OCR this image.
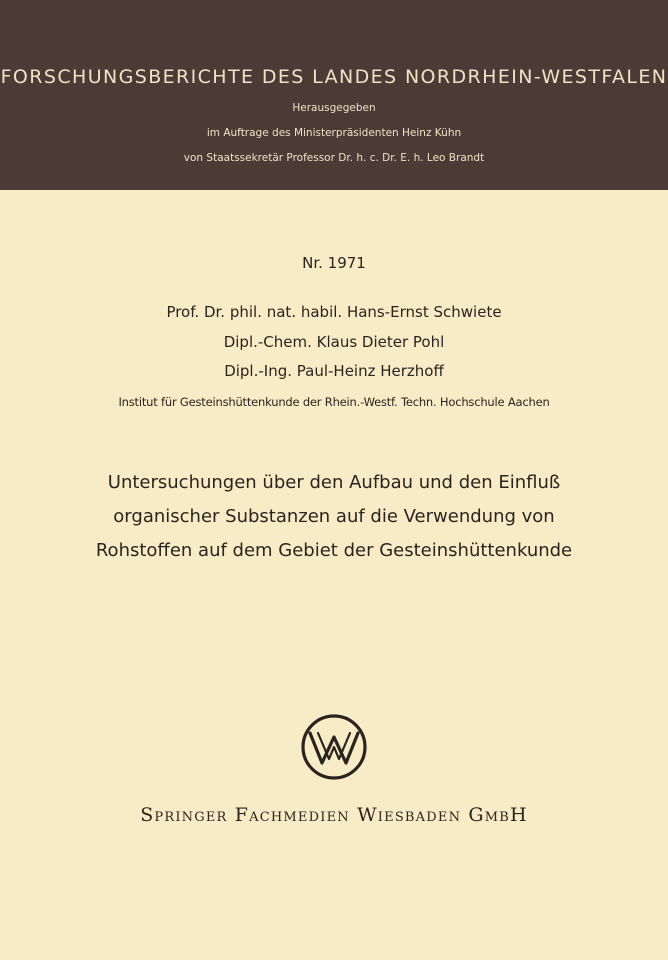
FORSCHUNGSBERICHTE DES LANDES NORDRHEIN-WESTFALEN
Herausgegeben
im Auftrage des Ministerpräsidenten Heinz Kühn
von Staatssekretär Professor Dr. h. c. Dr. E. h. Leo Brandt
Nr. 1971
Prof. Dr. phil. nat. habil. Hans-Ernst Schwiete
Dipl.-Chem. Klaus Dieter Pohl
Dipl.-Ing. Paul-Heinz Herzhoff
Institut für Gesteinshüttenkunde der Rhein.-Westf. Techn. Hochschule Aachen
Untersuchungen über den Aufbau und den Einfluß
organischer Substanzen auf die Verwendung von
Rohstoffen auf dem Gebiet der Gesteinshüttenkunde
Springer Fachmedien Wiesbaden GmbH
